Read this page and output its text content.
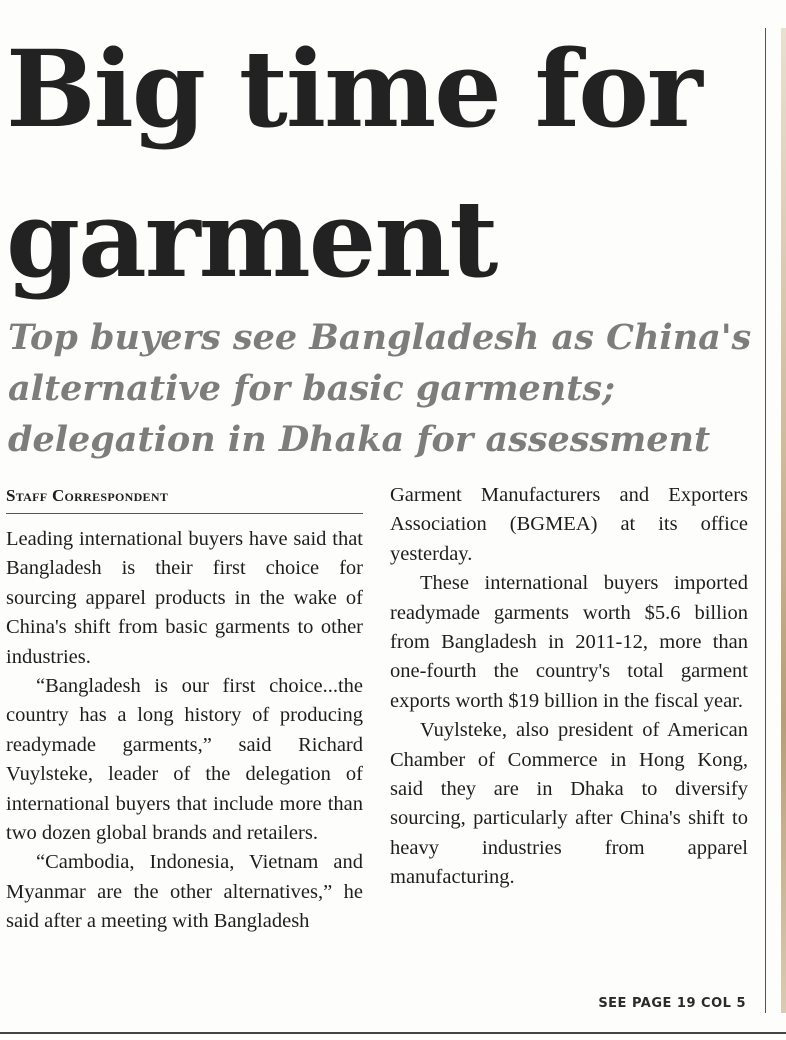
Big time for
garment
Top buyers see Bangladesh as China's
alternative for basic garments;
delegation in Dhaka for assessment
Staff Correspondent

Leading international buyers have said that Bangladesh is their first choice for sourcing apparel products in the wake of China's shift from basic garments to other industries.

“Bangladesh is our first choice...the country has a long history of producing readymade garments,” said Richard Vuylsteke, leader of the delegation of international buyers that include more than two dozen global brands and retailers.

“Cambodia, Indonesia, Vietnam and Myanmar are the other alternatives,” he said after a meeting with Bangladesh

Garment Manufacturers and Exporters Association (BGMEA) at its office yesterday.

These international buyers imported readymade garments worth $5.6 billion from Bangladesh in 2011-12, more than one-fourth the country's total garment exports worth $19 billion in the fiscal year.

Vuylsteke, also president of American Chamber of Commerce in Hong Kong, said they are in Dhaka to diversify sourcing, particularly after China's shift to heavy industries from apparel manufacturing.

SEE PAGE 19 COL 5
